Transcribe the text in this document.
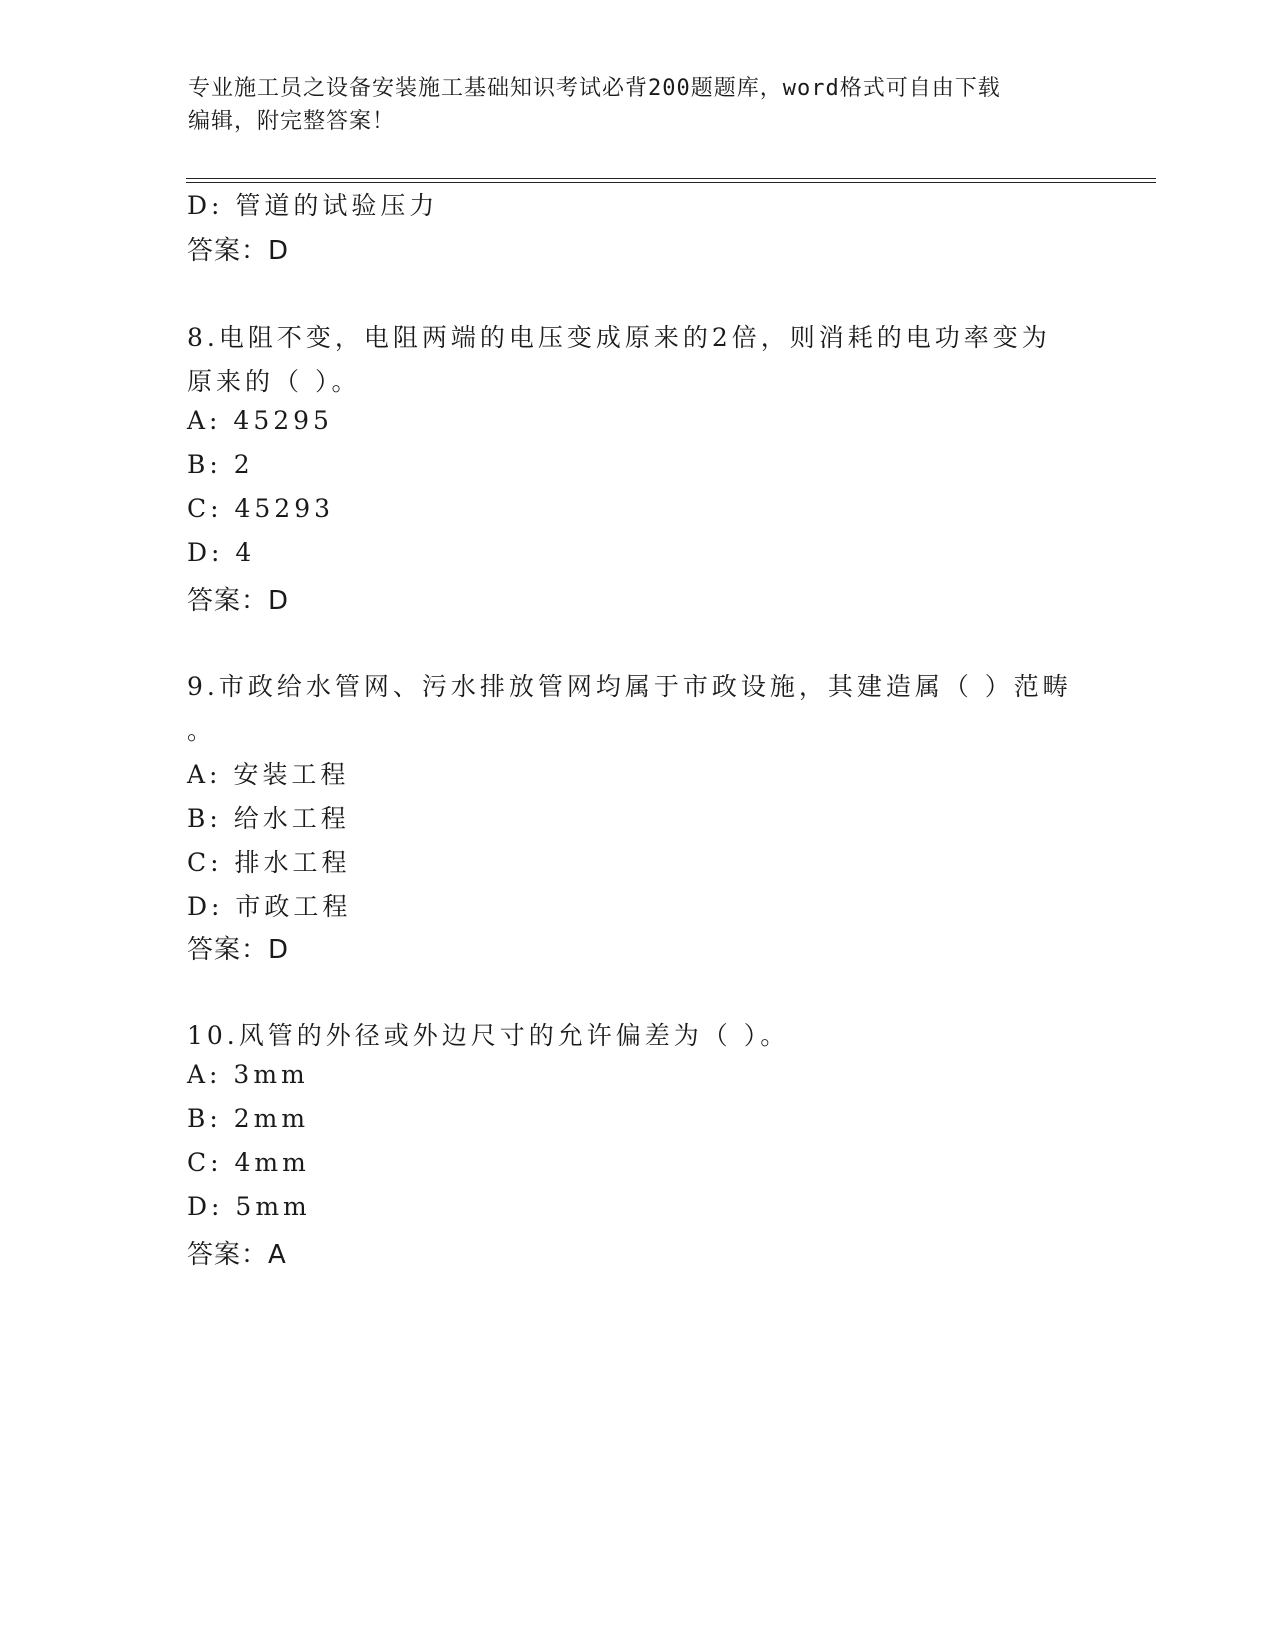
专业施工员之设备安装施工基础知识考试必背200题题库，word格式可自由下载
编辑，附完整答案！
D: 管道的试验压力
答案：D
8.电阻不变，电阻两端的电压变成原来的2倍，则消耗的电功率变为
原来的（ ）。
A: 45295
B: 2
C: 45293
D: 4
答案：D
9.市政给水管网、污水排放管网均属于市政设施，其建造属（ ）范畴
。
A: 安装工程
B: 给水工程
C: 排水工程
D: 市政工程
答案：D
10.风管的外径或外边尺寸的允许偏差为（ ）。
A: 3mm
B: 2mm
C: 4mm
D: 5mm
答案：A
